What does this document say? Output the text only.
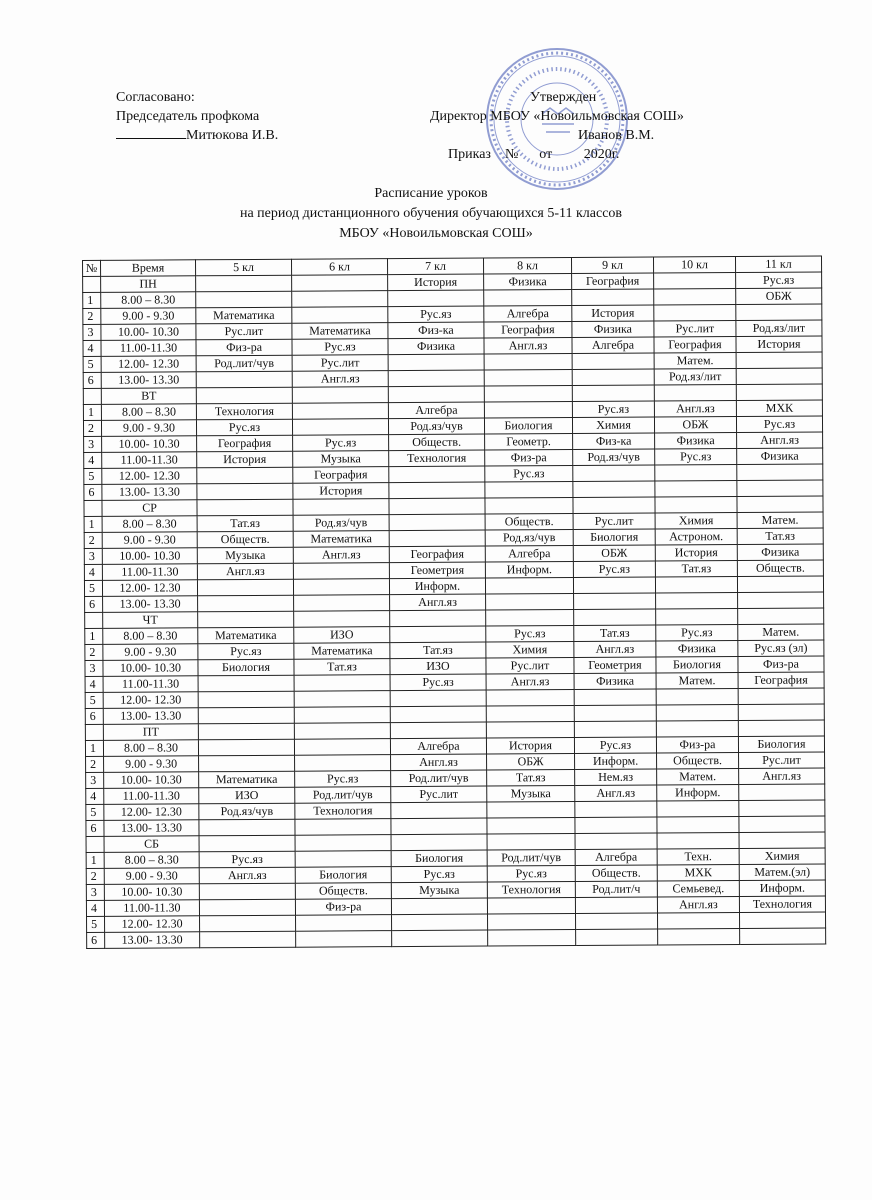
Согласовано:
Председатель профкома
Митюкова И.В.
Утвержден
Директор МБОУ «Новоильмовская СОШ»
Иванов В.М.
Приказ № от 2020г.
Расписание уроков
на период дистанционного обучения обучающихся 5-11 классов
МБОУ «Новоильмовская СОШ»
№	Время	5 кл	6 кл	7 кл	8 кл	9 кл	10 кл	11 кл
	ПН			История	Физика	География		Рус.яз
1	8.00 – 8.30							ОБЖ
2	9.00 - 9.30	Математика		Рус.яз	Алгебра	История		
3	10.00- 10.30	Рус.лит	Математика	Физ-ка	География	Физика	Рус.лит	Род.яз/лит
4	11.00-11.30	Физ-ра	Рус.яз	Физика	Англ.яз	Алгебра	География	История
5	12.00- 12.30	Род.лит/чув	Рус.лит				Матем.	
6	13.00- 13.30		Англ.яз				Род.яз/лит	
	ВТ							
1	8.00 – 8.30	Технология		Алгебра		Рус.яз	Англ.яз	МХК
2	9.00 - 9.30	Рус.яз		Род.яз/чув	Биология	Химия	ОБЖ	Рус.яз
3	10.00- 10.30	География	Рус.яз	Обществ.	Геометр.	Физ-ка	Физика	Англ.яз
4	11.00-11.30	История	Музыка	Технология	Физ-ра	Род.яз/чув	Рус.яз	Физика
5	12.00- 12.30		География		Рус.яз			
6	13.00- 13.30		История					
	СР							
1	8.00 – 8.30	Тат.яз	Род.яз/чув		Обществ.	Рус.лит	Химия	Матем.
2	9.00 - 9.30	Обществ.	Математика		Род.яз/чув	Биология	Астроном.	Тат.яз
3	10.00- 10.30	Музыка	Англ.яз	География	Алгебра	ОБЖ	История	Физика
4	11.00-11.30	Англ.яз		Геометрия	Информ.	Рус.яз	Тат.яз	Обществ.
5	12.00- 12.30			Информ.				
6	13.00- 13.30			Англ.яз				
	ЧТ							
1	8.00 – 8.30	Математика	ИЗО		Рус.яз	Тат.яз	Рус.яз	Матем.
2	9.00 - 9.30	Рус.яз	Математика	Тат.яз	Химия	Англ.яз	Физика	Рус.яз (эл)
3	10.00- 10.30	Биология	Тат.яз	ИЗО	Рус.лит	Геометрия	Биология	Физ-ра
4	11.00-11.30			Рус.яз	Англ.яз	Физика	Матем.	География
5	12.00- 12.30							
6	13.00- 13.30							
	ПТ							
1	8.00 – 8.30			Алгебра	История	Рус.яз	Физ-ра	Биология
2	9.00 - 9.30			Англ.яз	ОБЖ	Информ.	Обществ.	Рус.лит
3	10.00- 10.30	Математика	Рус.яз	Род.лит/чув	Тат.яз	Нем.яз	Матем.	Англ.яз
4	11.00-11.30	ИЗО	Род.лит/чув	Рус.лит	Музыка	Англ.яз	Информ.	
5	12.00- 12.30	Род.яз/чув	Технология					
6	13.00- 13.30							
	СБ							
1	8.00 – 8.30	Рус.яз		Биология	Род.лит/чув	Алгебра	Техн.	Химия
2	9.00 - 9.30	Англ.яз	Биология	Рус.яз	Рус.яз	Обществ.	МХК	Матем.(эл)
3	10.00- 10.30		Обществ.	Музыка	Технология	Род.лит/ч	Семьевед.	Информ.
4	11.00-11.30		Физ-ра				Англ.яз	Технология
5	12.00- 12.30							
6	13.00- 13.30							
